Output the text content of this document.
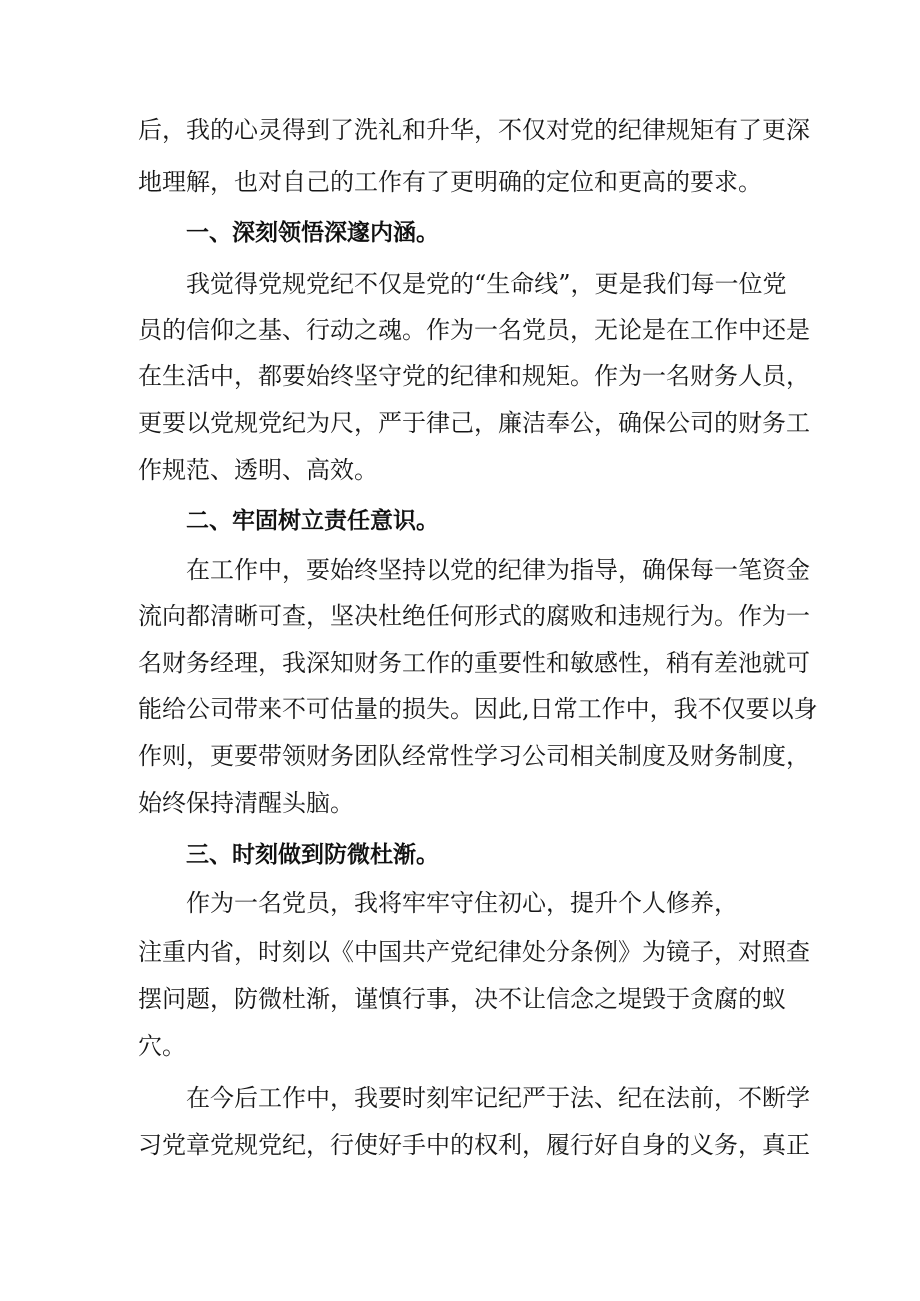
后，我的心灵得到了洗礼和升华，不仅对党的纪律规矩有了更深

地理解，也对自己的工作有了更明确的定位和更高的要求。

一、深刻领悟深邃内涵。

我觉得党规党纪不仅是党的“生命线”，更是我们每一位党

员的信仰之基、行动之魂。作为一名党员，无论是在工作中还是

在生活中，都要始终坚守党的纪律和规矩。作为一名财务人员，

更要以党规党纪为尺，严于律己，廉洁奉公，确保公司的财务工

作规范、透明、高效。

二、牢固树立责任意识。

在工作中，要始终坚持以党的纪律为指导，确保每一笔资金

流向都清晰可查，坚决杜绝任何形式的腐败和违规行为。作为一

名财务经理，我深知财务工作的重要性和敏感性，稍有差池就可

能给公司带来不可估量的损失。因此,日常工作中，我不仅要以身

作则，更要带领财务团队经常性学习公司相关制度及财务制度，

始终保持清醒头脑。

三、时刻做到防微杜渐。

作为一名党员，我将牢牢守住初心，提升个人修养，

注重内省，时刻以《中国共产党纪律处分条例》为镜子，对照查

摆问题，防微杜渐，谨慎行事，决不让信念之堤毁于贪腐的蚁

穴。

在今后工作中，我要时刻牢记纪严于法、纪在法前，不断学

习党章党规党纪，行使好手中的权利，履行好自身的义务，真正
